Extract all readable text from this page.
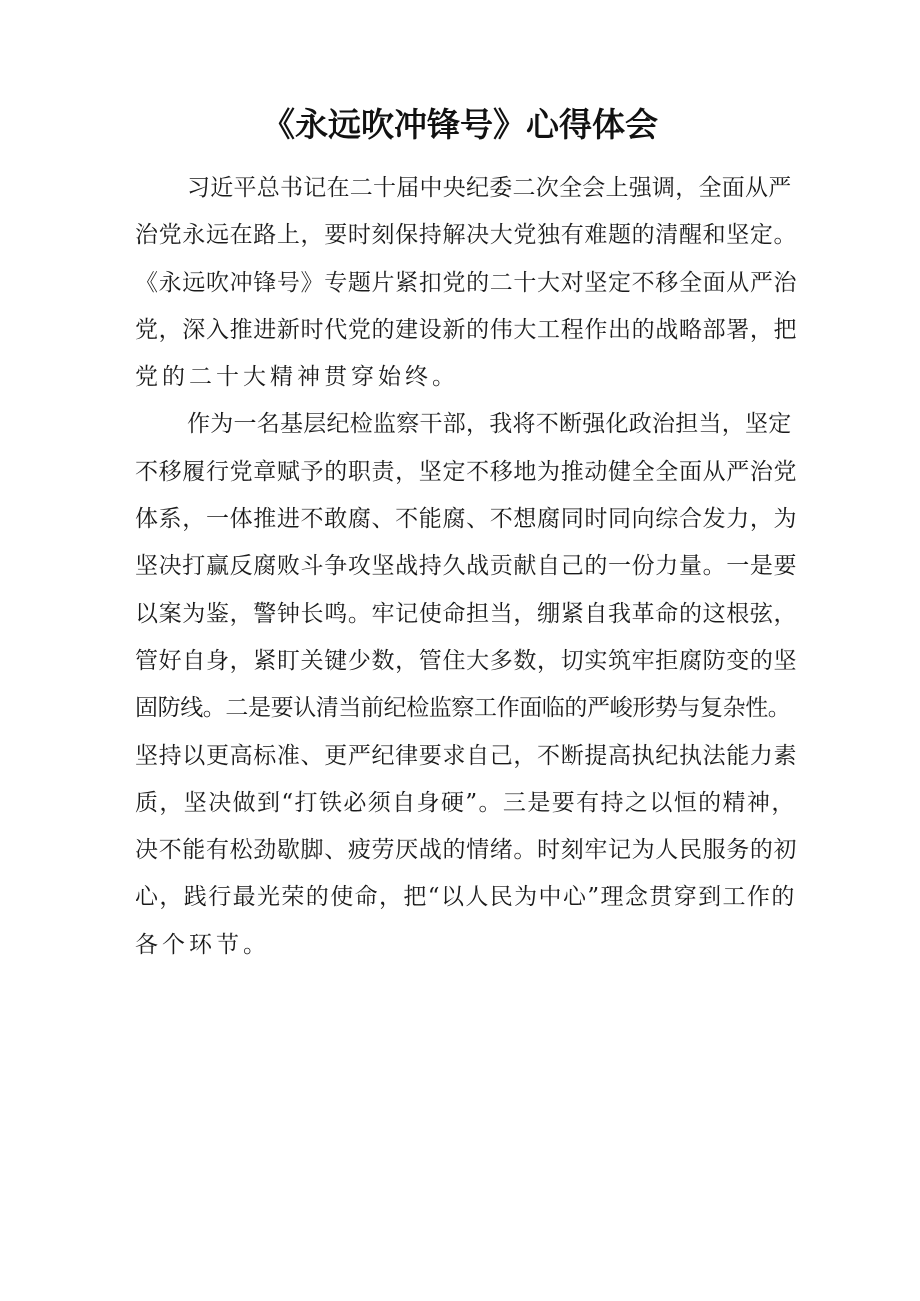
《永远吹冲锋号》心得体会
习近平总书记在二十届中央纪委二次全会上强调，全面从严
治党永远在路上，要时刻保持解决大党独有难题的清醒和坚定。
《永远吹冲锋号》专题片紧扣党的二十大对坚定不移全面从严治
党，深入推进新时代党的建设新的伟大工程作出的战略部署，把
党的二十大精神贯穿始终。
作为一名基层纪检监察干部，我将不断强化政治担当，坚定
不移履行党章赋予的职责，坚定不移地为推动健全全面从严治党
体系，一体推进不敢腐、不能腐、不想腐同时同向综合发力，为
坚决打赢反腐败斗争攻坚战持久战贡献自己的一份力量。一是要
以案为鉴，警钟长鸣。牢记使命担当，绷紧自我革命的这根弦，
管好自身，紧盯关键少数，管住大多数，切实筑牢拒腐防变的坚
固防线。二是要认清当前纪检监察工作面临的严峻形势与复杂性。
坚持以更高标准、更严纪律要求自己，不断提高执纪执法能力素
质，坚决做到“打铁必须自身硬”。三是要有持之以恒的精神，
决不能有松劲歇脚、疲劳厌战的情绪。时刻牢记为人民服务的初
心，践行最光荣的使命，把“以人民为中心”理念贯穿到工作的
各个环节。
